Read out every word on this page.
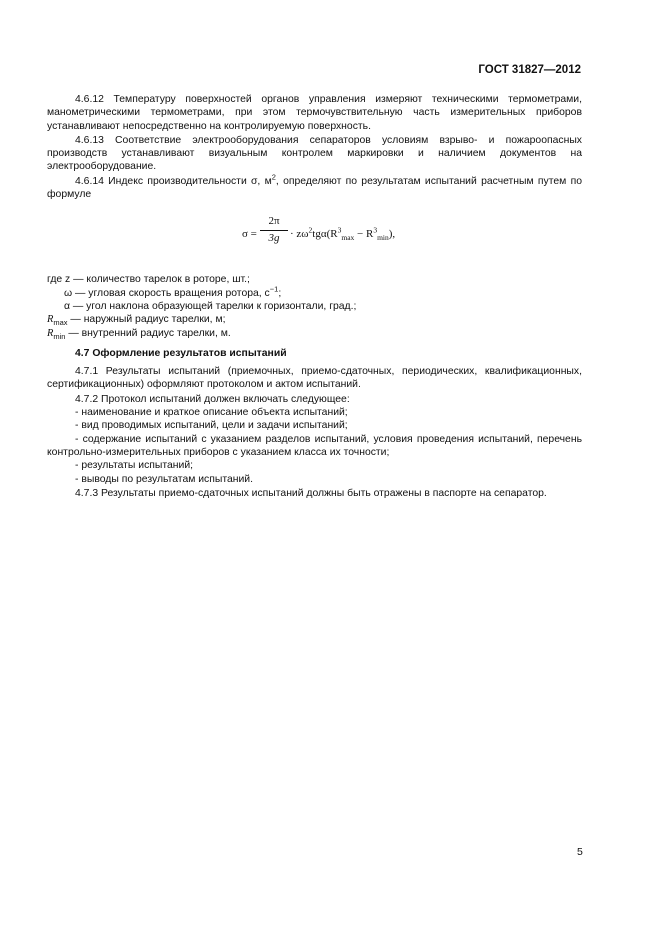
ГОСТ 31827—2012

4.6.12 Температуру поверхностей органов управления измеряют техническими термометрами, манометрическими термометрами, при этом термочувствительную часть измерительных приборов устанавливают непосредственно на контролируемую поверхность.

4.6.13 Соответствие электрооборудования сепараторов условиям взрыво- и пожароопасных производств устанавливают визуальным контролем маркировки и наличием документов на электрооборудование.

4.6.14 Индекс производительности σ, $м^2$, определяют по результатам испытаний расчетным путем по формуле

$\sigma = \frac{2\pi}{3g} \cdot z\omega^2tg\alpha(R^3_{max} - R^3_{min})$,

где z — количество тарелок в роторе, шт.;

ω — угловая скорость вращения ротора, $с^{-1}$;

α — угол наклона образующей тарелки к горизонтали, град.;

$R_{max}$ — наружный радиус тарелки, м;

$R_{min}$ — внутренний радиус тарелки, м.

4.7 Оформление результатов испытаний

4.7.1 Результаты испытаний (приемочных, приемо-сдаточных, периодических, квалификационных, сертификационных) оформляют протоколом и актом испытаний.

4.7.2 Протокол испытаний должен включать следующее:

- наименование и краткое описание объекта испытаний;

- вид проводимых испытаний, цели и задачи испытаний;

- содержание испытаний с указанием разделов испытаний, условия проведения испытаний, перечень контрольно-измерительных приборов с указанием класса их точности;

- результаты испытаний;

- выводы по результатам испытаний.

4.7.3 Результаты приемо-сдаточных испытаний должны быть отражены в паспорте на сепаратор.

5
